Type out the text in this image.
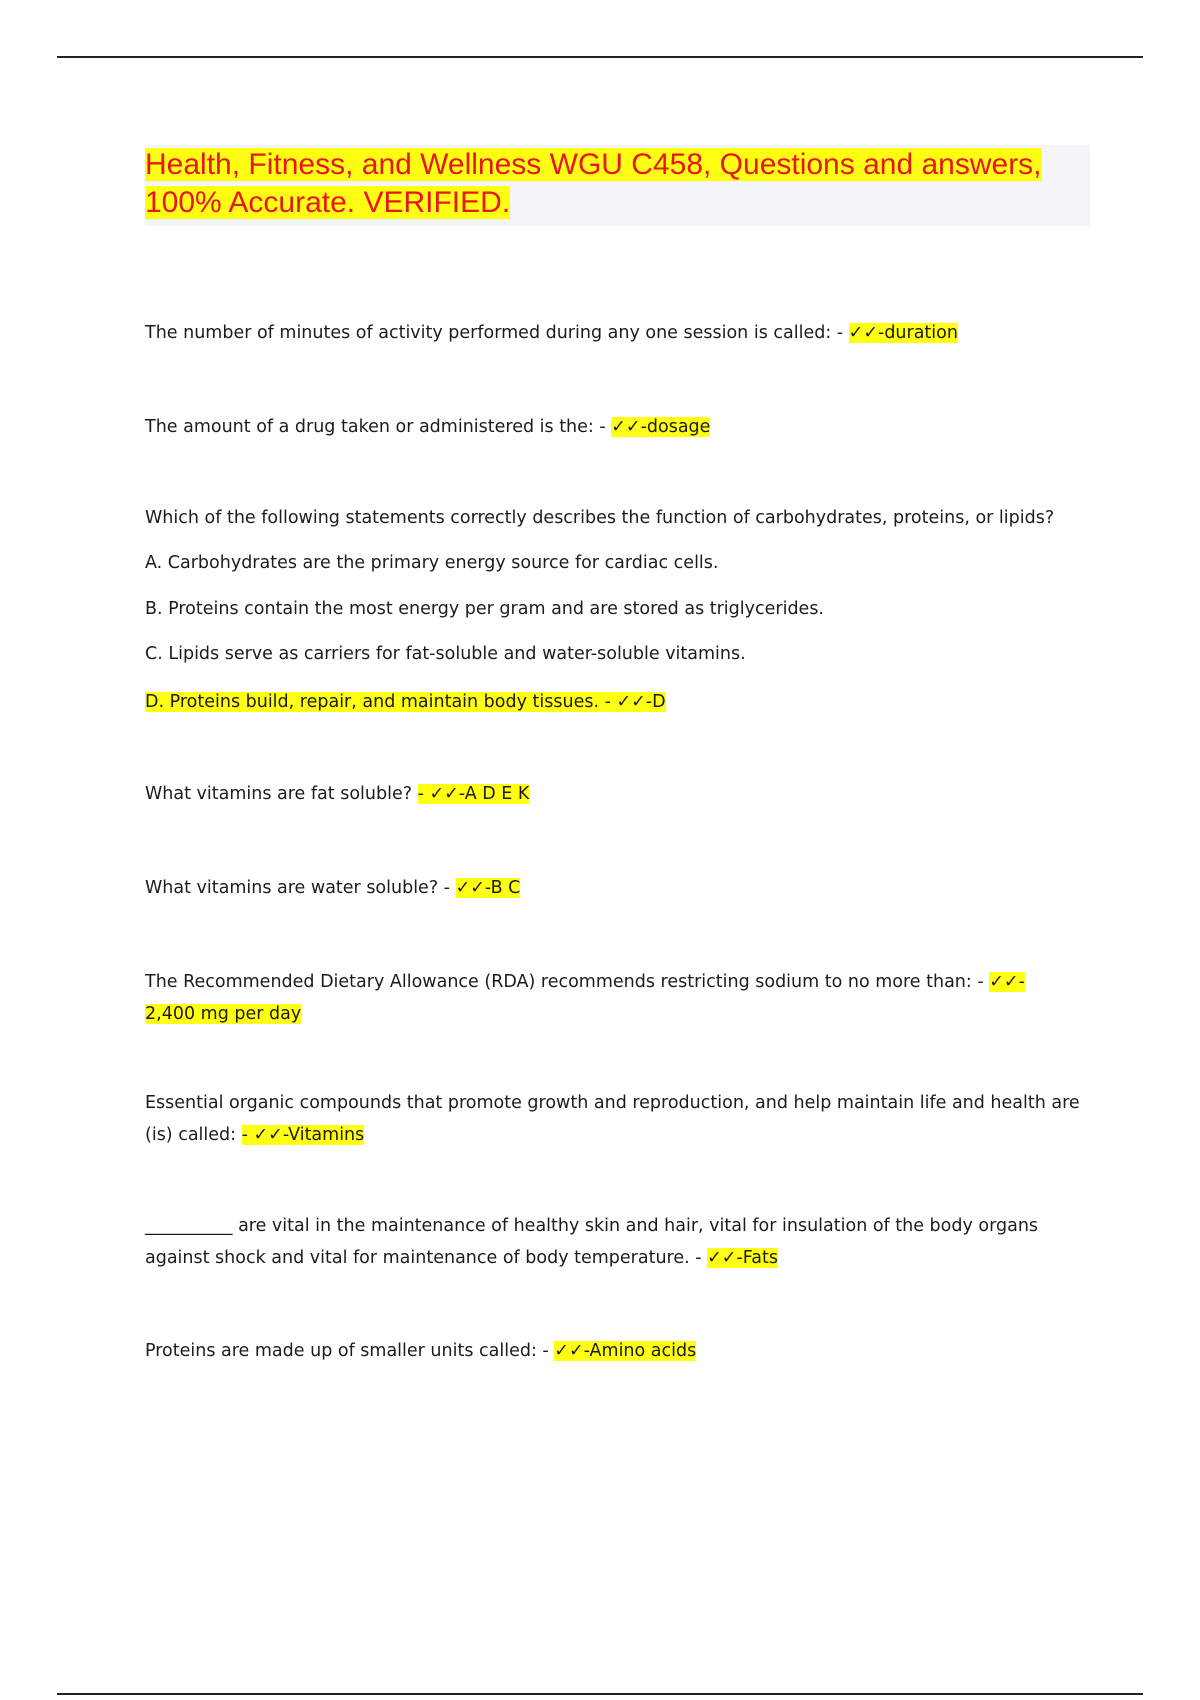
Health, Fitness, and Wellness WGU C458, Questions and answers, 100% Accurate. VERIFIED.

The number of minutes of activity performed during any one session is called: - ✓✓-duration

The amount of a drug taken or administered is the: - ✓✓-dosage

Which of the following statements correctly describes the function of carbohydrates, proteins, or lipids?

A. Carbohydrates are the primary energy source for cardiac cells.

B. Proteins contain the most energy per gram and are stored as triglycerides.

C. Lipids serve as carriers for fat-soluble and water-soluble vitamins.

D. Proteins build, repair, and maintain body tissues. - ✓✓-D

What vitamins are fat soluble? - ✓✓-A D E K

What vitamins are water soluble? - ✓✓-B C

The Recommended Dietary Allowance (RDA) recommends restricting sodium to no more than: - ✓✓-
2,400 mg per day

Essential organic compounds that promote growth and reproduction, and help maintain life and health are (is) called: - ✓✓-Vitamins

__________ are vital in the maintenance of healthy skin and hair, vital for insulation of the body organs against shock and vital for maintenance of body temperature. - ✓✓-Fats

Proteins are made up of smaller units called: - ✓✓-Amino acids
